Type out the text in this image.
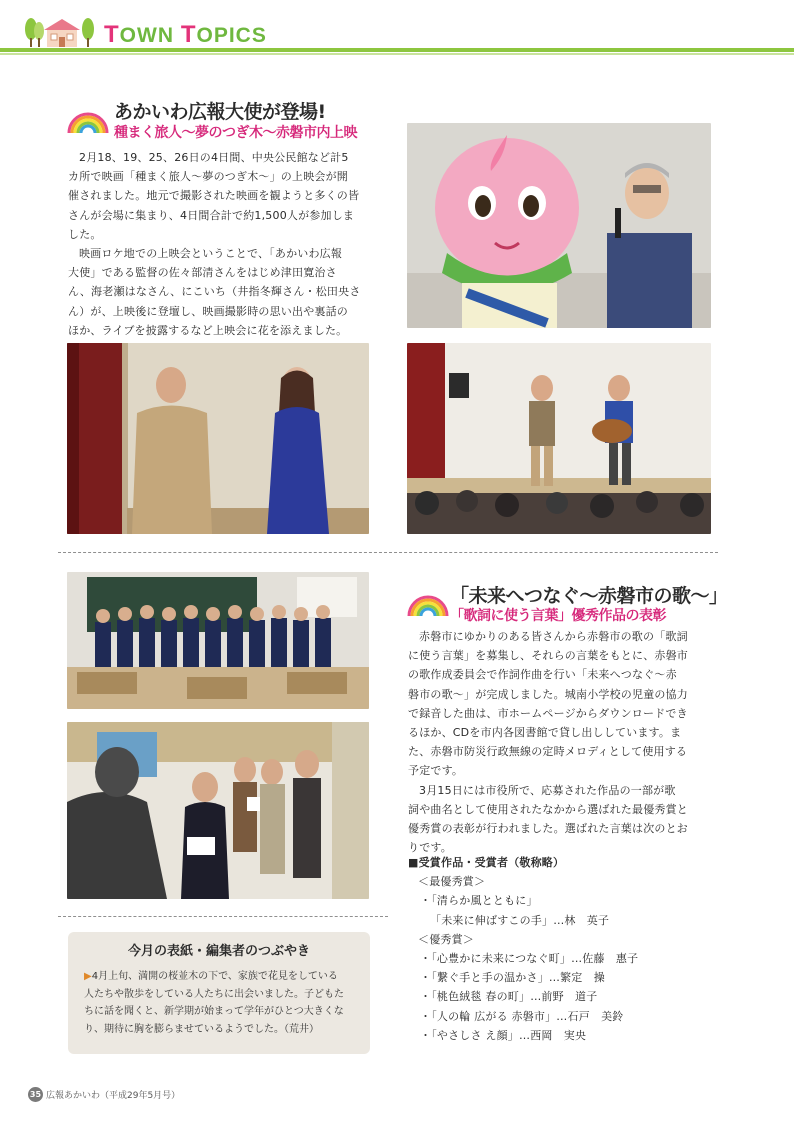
TOWN TOPICS
あかいわ広報大使が登場!
種まく旅人～夢のつぎ木～赤磐市内上映
2月18、19、25、26日の4日間、中央公民館など計5
カ所で映画「種まく旅人～夢のつぎ木～」の上映会が開
催されました。地元で撮影された映画を観ようと多くの皆
さんが会場に集まり、4日間合計で約1,500人が参加しま
した。
映画ロケ地での上映会ということで、「あかいわ広報
大使」である監督の佐々部清さんをはじめ津田寛治さ
ん、海老瀬はなさん、にこいち（井指冬輝さん・松田央さ
ん）が、上映後に登壇し、映画撮影時の思い出や裏話の
ほか、ライブを披露するなど上映会に花を添えました。
「未来へつなぐ～赤磐市の歌～」
「歌詞に使う言葉」優秀作品の表彰
赤磐市にゆかりのある皆さんから赤磐市の歌の「歌詞
に使う言葉」を募集し、それらの言葉をもとに、赤磐市
の歌作成委員会で作詞作曲を行い「未来へつなぐ～赤
磐市の歌～」が完成しました。城南小学校の児童の協力
で録音した曲は、市ホームページからダウンロードでき
るほか、CDを市内各図書館で貸し出ししています。ま
た、赤磐市防災行政無線の定時メロディとして使用する
予定です。
3月15日には市役所で、応募された作品の一部が歌
詞や曲名として使用されたなかから選ばれた最優秀賞と
優秀賞の表彰が行われました。選ばれた言葉は次のとお
りです。
■受賞作品・受賞者（敬称略）
＜最優秀賞＞
・「清らか風とともに」
「未来に伸ばすこの手」…林　英子
＜優秀賞＞
・「心豊かに未来につなぐ町」…佐藤　惠子
・「繋ぐ手と手の温かさ」…繁定　操
・「桃色絨毯 春の町」…前野　道子
・「人の輪 広がる 赤磐市」…石戸　美鈴
・「やさしさ え顔」…西岡　実央
今月の表紙・編集者のつぶやき
▶4月上旬、満開の桜並木の下で、家族で花見をしている
人たちや散歩をしている人たちに出会いました。子どもた
ちに話を聞くと、新学期が始まって学年がひとつ大きくな
り、期待に胸を膨らませているようでした。（荒井）
35 広報あかいわ（平成29年5月号）
